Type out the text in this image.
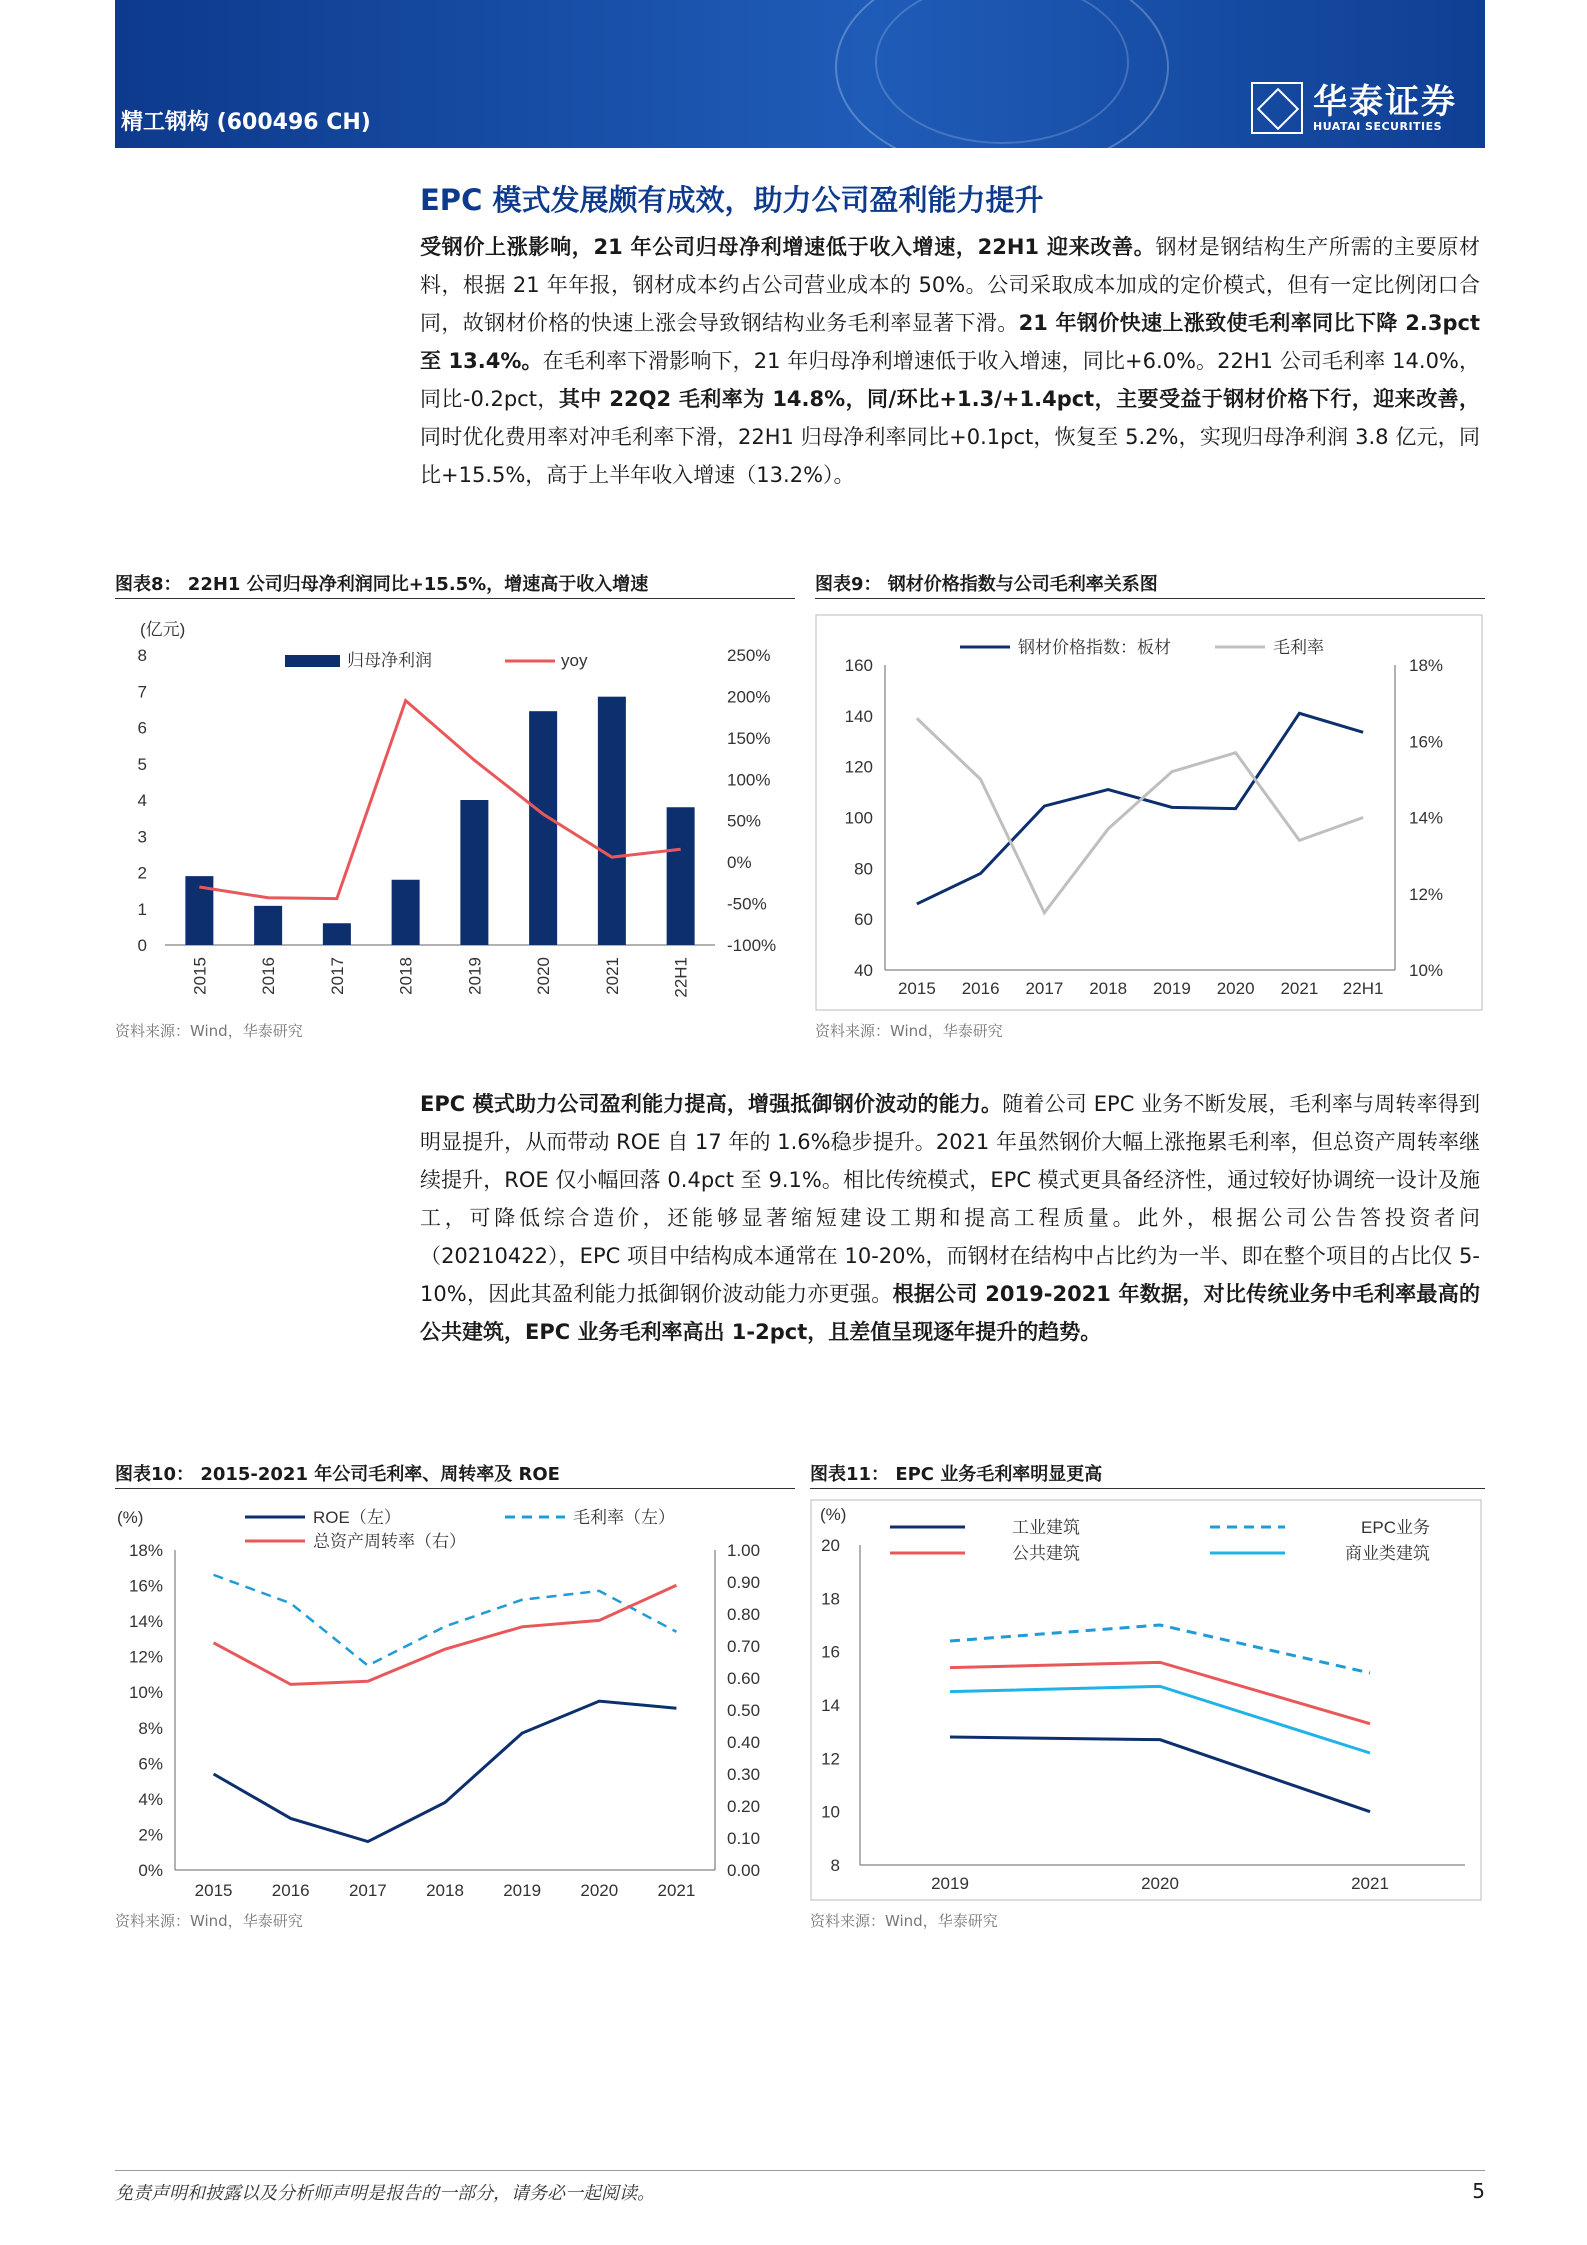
精工钢构 (600496 CH)
华泰证券
HUATAI SECURITIES
EPC 模式发展颇有成效，助力公司盈利能力提升
受钢价上涨影响，21 年公司归母净利增速低于收入增速，22H1 迎来改善。钢材是钢结构生产所需的主要原材料，根据 21 年年报，钢材成本约占公司营业成本的 50%。公司采取成本加成的定价模式，但有一定比例闭口合同，故钢材价格的快速上涨会导致钢结构业务毛利率显著下滑。21 年钢价快速上涨致使毛利率同比下降 2.3pct 至 13.4%。在毛利率下滑影响下，21 年归母净利增速低于收入增速，同比+6.0%。22H1 公司毛利率 14.0%，同比-0.2pct，其中 22Q2 毛利率为 14.8%，同/环比+1.3/+1.4pct，主要受益于钢材价格下行，迎来改善，同时优化费用率对冲毛利率下滑，22H1 归母净利率同比+0.1pct，恢复至 5.2%，实现归母净利润 3.8 亿元，同比+15.5%，高于上半年收入增速（13.2%）。
图表8： 22H1 公司归母净利润同比+15.5%，增速高于收入增速
(亿元)
0
1
2
3
4
5
6
7
8
-100%
-50%
0%
50%
100%
150%
200%
250%
2015	2016	2017	2018	2019	2020	2021	22H1
归母净利润	yoy
资料来源：Wind，华泰研究
图表9： 钢材价格指数与公司毛利率关系图
40
60
80
100
120
140
160
10%
12%
14%
16%
18%
2015 2016 2017 2018 2019 2020 2021 22H1
钢材价格指数：板材	毛利率
资料来源：Wind，华泰研究
EPC 模式助力公司盈利能力提高，增强抵御钢价波动的能力。随着公司 EPC 业务不断发展，毛利率与周转率得到明显提升，从而带动 ROE 自 17 年的 1.6%稳步提升。2021 年虽然钢价大幅上涨拖累毛利率，但总资产周转率继续提升，ROE 仅小幅回落 0.4pct 至 9.1%。相比传统模式，EPC 模式更具备经济性，通过较好协调统一设计及施工，可降低综合造价，还能够显著缩短建设工期和提高工程质量。此外，根据公司公告答投资者问（20210422），EPC 项目中结构成本通常在 10-20%，而钢材在结构中占比约为一半、即在整个项目的占比仅 5-10%，因此其盈利能力抵御钢价波动能力亦更强。根据公司 2019-2021 年数据，对比传统业务中毛利率最高的公共建筑，EPC 业务毛利率高出 1-2pct，且差值呈现逐年提升的趋势。
图表10： 2015-2021 年公司毛利率、周转率及 ROE
(%)
0%
2%
4%
6%
8%
10%
12%
14%
16%
18%
0.00
0.10
0.20
0.30
0.40
0.50
0.60
0.70
0.80
0.90
1.00
2015 2016 2017 2018 2019 2020 2021
ROE（左）	毛利率（左）
总资产周转率（右）
资料来源：Wind，华泰研究
图表11： EPC 业务毛利率明显更高
(%)
8
10
12
14
16
18
20
2019	2020	2021
工业建筑	EPC业务
公共建筑	商业类建筑
资料来源：Wind，华泰研究
免责声明和披露以及分析师声明是报告的一部分，请务必一起阅读。	5
